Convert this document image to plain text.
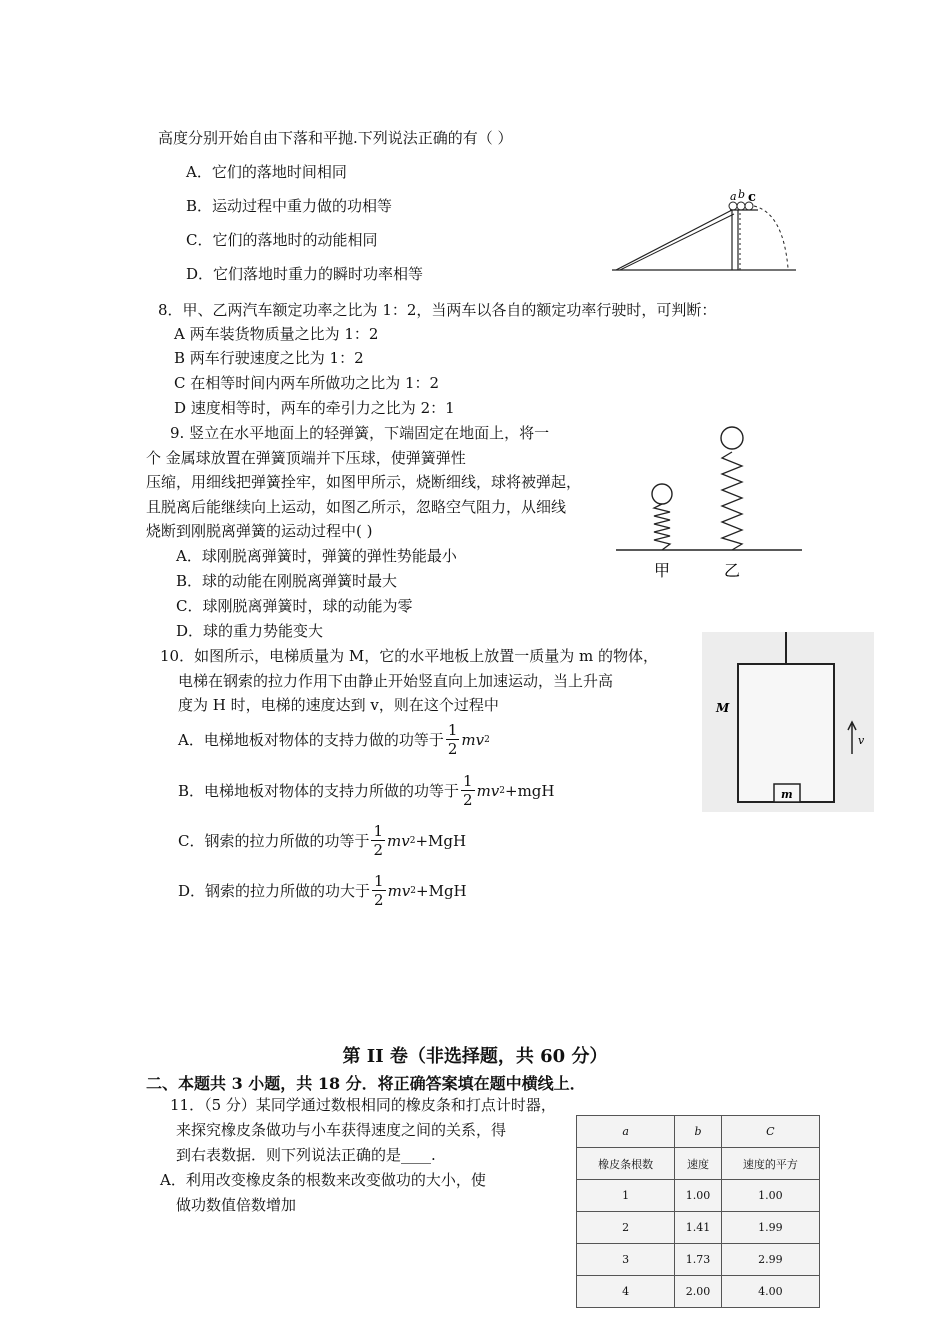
高度分别开始自由下落和平抛.下列说法正确的有（ ）
A．它们的落地时间相同
B．运动过程中重力做的功相等
C．它们的落地时的动能相同
D．它们落地时重力的瞬时功率相等
a b c
8．甲、乙两汽车额定功率之比为 1：2，当两车以各自的额定功率行驶时，可判断：
A 两车装货物质量之比为 1：2
B 两车行驶速度之比为 1：2
C 在相等时间内两车所做功之比为 1：2
D 速度相等时，两车的牵引力之比为 2：1
9. 竖立在水平地面上的轻弹簧，下端固定在地面上，将一
个 金属球放置在弹簧顶端并下压球，使弹簧弹性
压缩，用细线把弹簧拴牢，如图甲所示，烧断细线，球将被弹起，
且脱离后能继续向上运动，如图乙所示，忽略空气阻力，从细线
烧断到刚脱离弹簧的运动过程中( )
A．球刚脱离弹簧时，弹簧的弹性势能最小
B．球的动能在刚脱离弹簧时最大
C．球刚脱离弹簧时，球的动能为零
D．球的重力势能变大
甲	乙
10．如图所示，电梯质量为 M，它的水平地板上放置一质量为 m 的物体，
电梯在钢索的拉力作用下由静止开始竖直向上加速运动，当上升高
度为 H 时，电梯的速度达到 v，则在这个过程中
A．电梯地板对物体的支持力做的功等于 $\frac{1}{2}$ mv 2
B．电梯地板对物体的支持力所做的功等于 $\frac{1}{2}$ mv 2 +mgH
C．钢索的拉力所做的功等于 $\frac{1}{2}$ mv 2 +MgH
D．钢索的拉力所做的功大于 $\frac{1}{2}$ mv 2 +MgH
m
M
v
第 II 卷（非选择题，共 60 分）
二、本题共 3 小题，共 18 分．将正确答案填在题中横线上．
11．（5 分）某同学通过数根相同的橡皮条和打点计时器，
来探究橡皮条做功与小车获得速度之间的关系，得
到右表数据．则下列说法正确的是____.
A．利用改变橡皮条的根数来改变做功的大小，使
做功数值倍数增加
a	b	C
橡皮条根数	速度	速度的平方
1	1.00	1.00
2	1.41	1.99
3	1.73	2.99
4	2.00	4.00
